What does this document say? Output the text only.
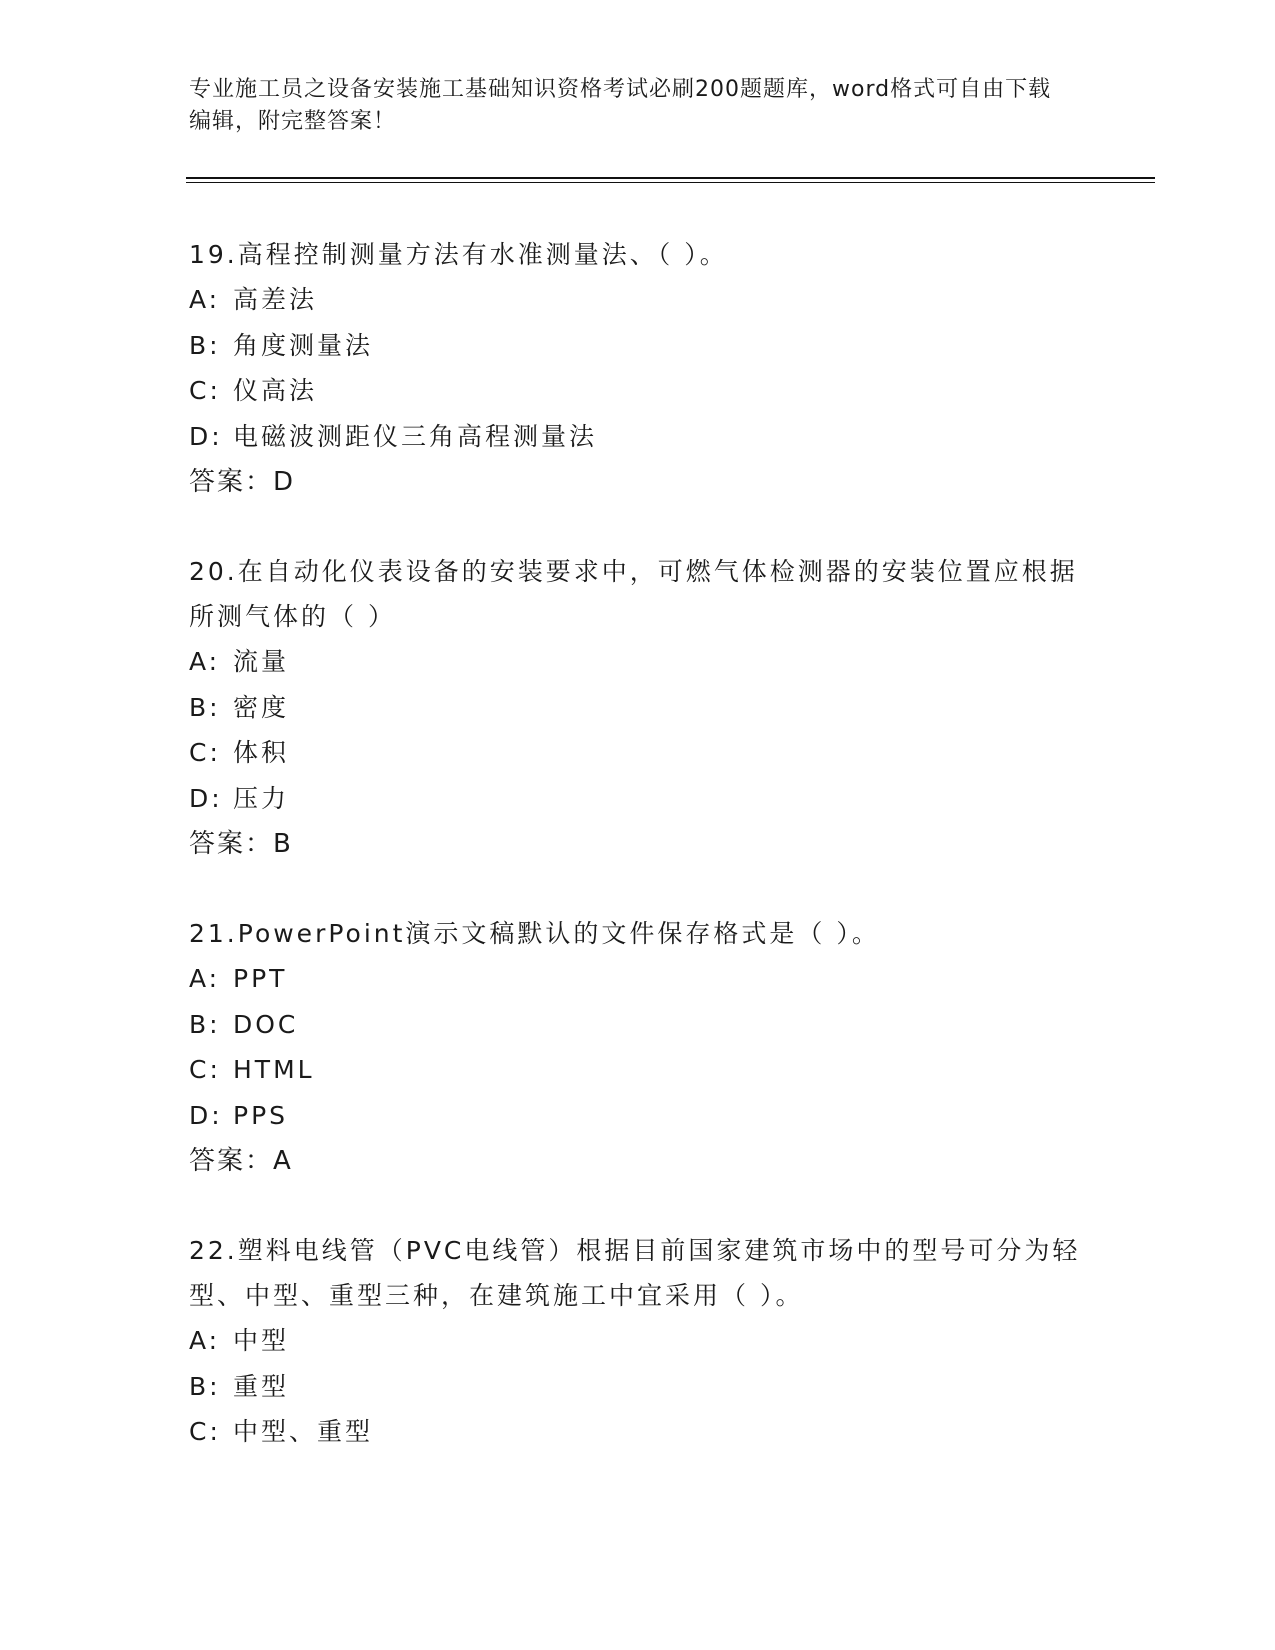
专业施工员之设备安装施工基础知识资格考试必刷200题题库，word格式可自由下载编辑，附完整答案！
19.高程控制测量方法有水准测量法、（ ）。
A: 高差法
B: 角度测量法
C: 仪高法
D: 电磁波测距仪三角高程测量法
答案：D
20.在自动化仪表设备的安装要求中，可燃气体检测器的安装位置应根据所测气体的（ ）
A: 流量
B: 密度
C: 体积
D: 压力
答案：B
21.PowerPoint演示文稿默认的文件保存格式是（ ）。
A: PPT
B: DOC
C: HTML
D: PPS
答案：A
22.塑料电线管（PVC电线管）根据目前国家建筑市场中的型号可分为轻型、中型、重型三种，在建筑施工中宜采用（ ）。
A: 中型
B: 重型
C: 中型、重型
